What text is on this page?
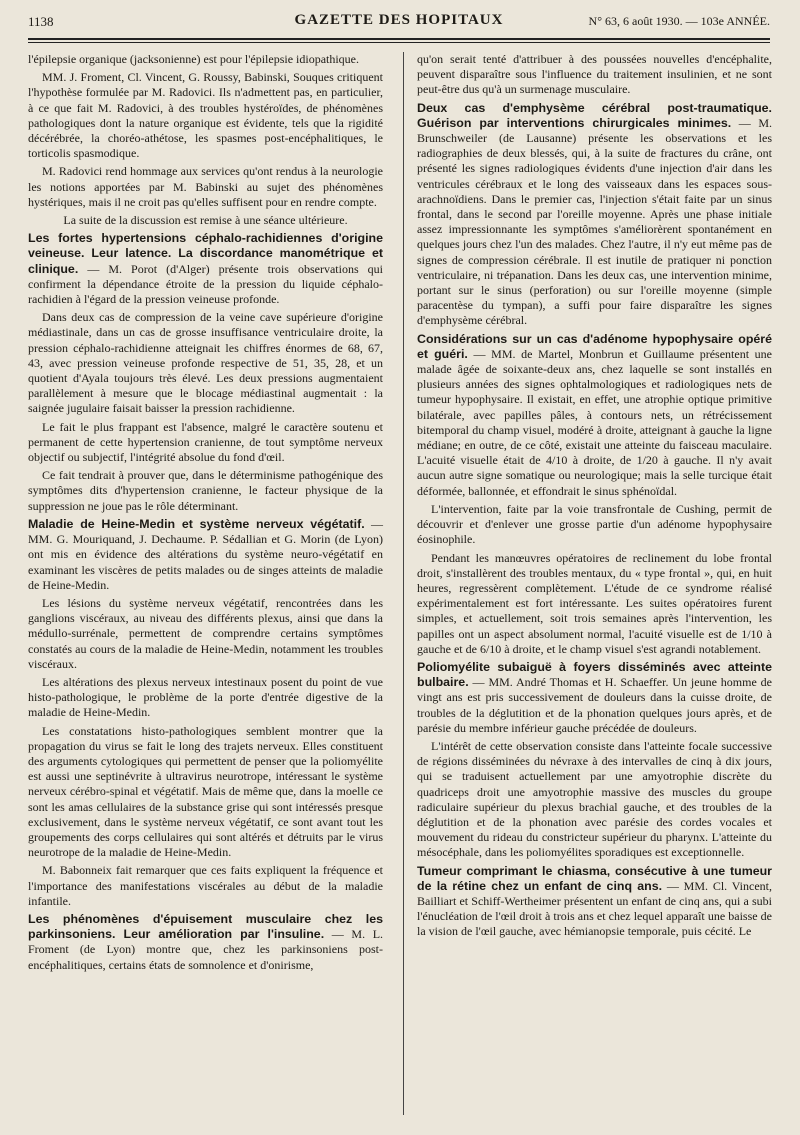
1138	GAZETTE DES HOPITAUX	N° 63, 6 août 1930. — 103e ANNÉE.

l'épilepsie organique (jacksonienne) est pour l'épilepsie idiopathique.

MM. J. Froment, Cl. Vincent, G. Roussy, Babinski, Souques critiquent l'hypothèse formulée par M. Radovici. Ils n'admettent pas, en particulier, à ce que fait M. Radovici, à des troubles hystéroïdes, de phénomènes pathologiques dont la nature organique est évidente, tels que la rigidité décérébrée, la choréo-athétose, les spasmes post-encéphalitiques, le torticolis spasmodique.

M. Radovici rend hommage aux services qu'ont rendus à la neurologie les notions apportées par M. Babinski au sujet des phénomènes hystériques, mais il ne croit pas qu'elles suffisent pour en rendre compte.

La suite de la discussion est remise à une séance ultérieure.

Les fortes hypertensions céphalo-rachidiennes d'origine veineuse. Leur latence. La discordance manométrique et clinique. — M. Porot (d'Alger) présente trois observations qui confirment la dépendance étroite de la pression du liquide céphalo-rachidien à l'égard de la pression veineuse profonde.

Dans deux cas de compression de la veine cave supérieure d'origine médiastinale, dans un cas de grosse insuffisance ventriculaire droite, la pression céphalo-rachidienne atteignait les chiffres énormes de 68, 67, 43, avec pression veineuse profonde respective de 51, 35, 28, et un quotient d'Ayala toujours très élevé. Les deux pressions augmentaient parallèlement à mesure que le blocage médiastinal augmentait : la saignée jugulaire faisait baisser la pression rachidienne.

Le fait le plus frappant est l'absence, malgré le caractère soutenu et permanent de cette hypertension cranienne, de tout symptôme nerveux objectif ou subjectif, l'intégrité absolue du fond d'œil.

Ce fait tendrait à prouver que, dans le déterminisme pathogénique des symptômes dits d'hypertension cranienne, le facteur physique de la suppression ne joue pas le rôle déterminant.

Maladie de Heine-Medin et système nerveux végétatif. — MM. G. Mouriquand, J. Dechaume. P. Sédallian et G. Morin (de Lyon) ont mis en évidence des altérations du système neuro-végétatif en examinant les viscères de petits malades ou de singes atteints de maladie de Heine-Medin.

Les lésions du système nerveux végétatif, rencontrées dans les ganglions viscéraux, au niveau des différents plexus, ainsi que dans la médullo-surrénale, permettent de comprendre certains symptômes constatés au cours de la maladie de Heine-Medin, notamment les troubles viscéraux.

Les altérations des plexus nerveux intestinaux posent du point de vue histo-pathologique, le problème de la porte d'entrée digestive de la maladie de Heine-Medin.

Les constatations histo-pathologiques semblent montrer que la propagation du virus se fait le long des trajets nerveux. Elles constituent des arguments cytologiques qui permettent de penser que la poliomyélite est aussi une septinévrite à ultravirus neurotrope, intéressant le système nerveux cérébro-spinal et végétatif. Mais de même que, dans la moelle ce sont les amas cellulaires de la substance grise qui sont intéressés presque exclusivement, dans le système nerveux végétatif, ce sont avant tout les groupements des corps cellulaires qui sont altérés et détruits par le virus neurotrope de la maladie de Heine-Medin.

M. Babonneix fait remarquer que ces faits expliquent la fréquence et l'importance des manifestations viscérales au début de la maladie infantile.

Les phénomènes d'épuisement musculaire chez les parkinsoniens. Leur amélioration par l'insuline. — M. L. Froment (de Lyon) montre que, chez les parkinsoniens post-encéphalitiques, certains états de somnolence et d'onirisme,

qu'on serait tenté d'attribuer à des poussées nouvelles d'encéphalite, peuvent disparaître sous l'influence du traitement insulinien, et ne sont peut-être dus qu'à un surmenage musculaire.

Deux cas d'emphysème cérébral post-traumatique. Guérison par interventions chirurgicales minimes. — M. Brunschweiler (de Lausanne) présente les observations et les radiographies de deux blessés, qui, à la suite de fractures du crâne, ont présenté les signes radiologiques évidents d'une injection d'air dans les ventricules cérébraux et le long des vaisseaux dans les espaces sous-arachnoïdiens. Dans le premier cas, l'injection s'était faite par un sinus frontal, dans le second par l'oreille moyenne. Après une phase initiale assez impressionnante les symptômes s'améliorèrent spontanément en quelques jours chez l'un des malades. Chez l'autre, il n'y eut même pas de signes de compression cérébrale. Il est inutile de pratiquer ni ponction ventriculaire, ni trépanation. Dans les deux cas, une intervention minime, portant sur le sinus (perforation) ou sur l'oreille moyenne (simple paracentèse du tympan), a suffi pour faire disparaître les signes d'emphysème cérébral.

Considérations sur un cas d'adénome hypophysaire opéré et guéri. — MM. de Martel, Monbrun et Guillaume présentent une malade âgée de soixante-deux ans, chez laquelle se sont installés en plusieurs années des signes ophtalmologiques et radiologiques nets de tumeur hypophysaire. Il existait, en effet, une atrophie optique primitive bilatérale, avec papilles pâles, à contours nets, un rétrécissement bitemporal du champ visuel, modéré à droite, atteignant à gauche la ligne médiane; en outre, de ce côté, existait une atteinte du faisceau maculaire. L'acuité visuelle était de 4/10 à droite, de 1/20 à gauche. Il n'y avait aucun autre signe somatique ou neurologique; mais la selle turcique était déformée, ballonnée, et effondrait le sinus sphénoïdal.

L'intervention, faite par la voie transfrontale de Cushing, permit de découvrir et d'enlever une grosse partie d'un adénome hypophysaire éosinophile.

Pendant les manœuvres opératoires de reclinement du lobe frontal droit, s'installèrent des troubles mentaux, du « type frontal », qui, en huit heures, regressèrent complètement. L'étude de ce syndrome réalisé expérimentalement est fort intéressante. Les suites opératoires furent simples, et actuellement, soit trois semaines après l'intervention, les papilles ont un aspect absolument normal, l'acuité visuelle est de 1/10 à gauche et de 6/10 à droite, et le champ visuel s'est agrandi notablement.

Poliomyélite subaiguë à foyers disséminés avec atteinte bulbaire. — MM. André Thomas et H. Schaeffer. Un jeune homme de vingt ans est pris successivement de douleurs dans la cuisse droite, de troubles de la déglutition et de la phonation quelques jours après, et de parésie du membre inférieur gauche précédée de douleurs.

L'intérêt de cette observation consiste dans l'atteinte focale successive de régions disséminées du névraxe à des intervalles de cinq à dix jours, qui se traduisent actuellement par une amyotrophie discrète du quadriceps droit une amyotrophie massive des muscles du groupe radiculaire supérieur du plexus brachial gauche, et des troubles de la déglutition et de la phonation avec parésie des cordes vocales et mouvement du rideau du constricteur supérieur du pharynx. L'atteinte du mésocéphale, dans les poliomyélites sporadiques est exceptionnelle.

Tumeur comprimant le chiasma, consécutive à une tumeur de la rétine chez un enfant de cinq ans. — MM. Cl. Vincent, Bailliart et Schiff-Wertheimer présentent un enfant de cinq ans, qui a subi l'énucléation de l'œil droit à trois ans et chez lequel apparaît une baisse de la vision de l'œil gauche, avec hémianopsie temporale, puis cécité. Le
